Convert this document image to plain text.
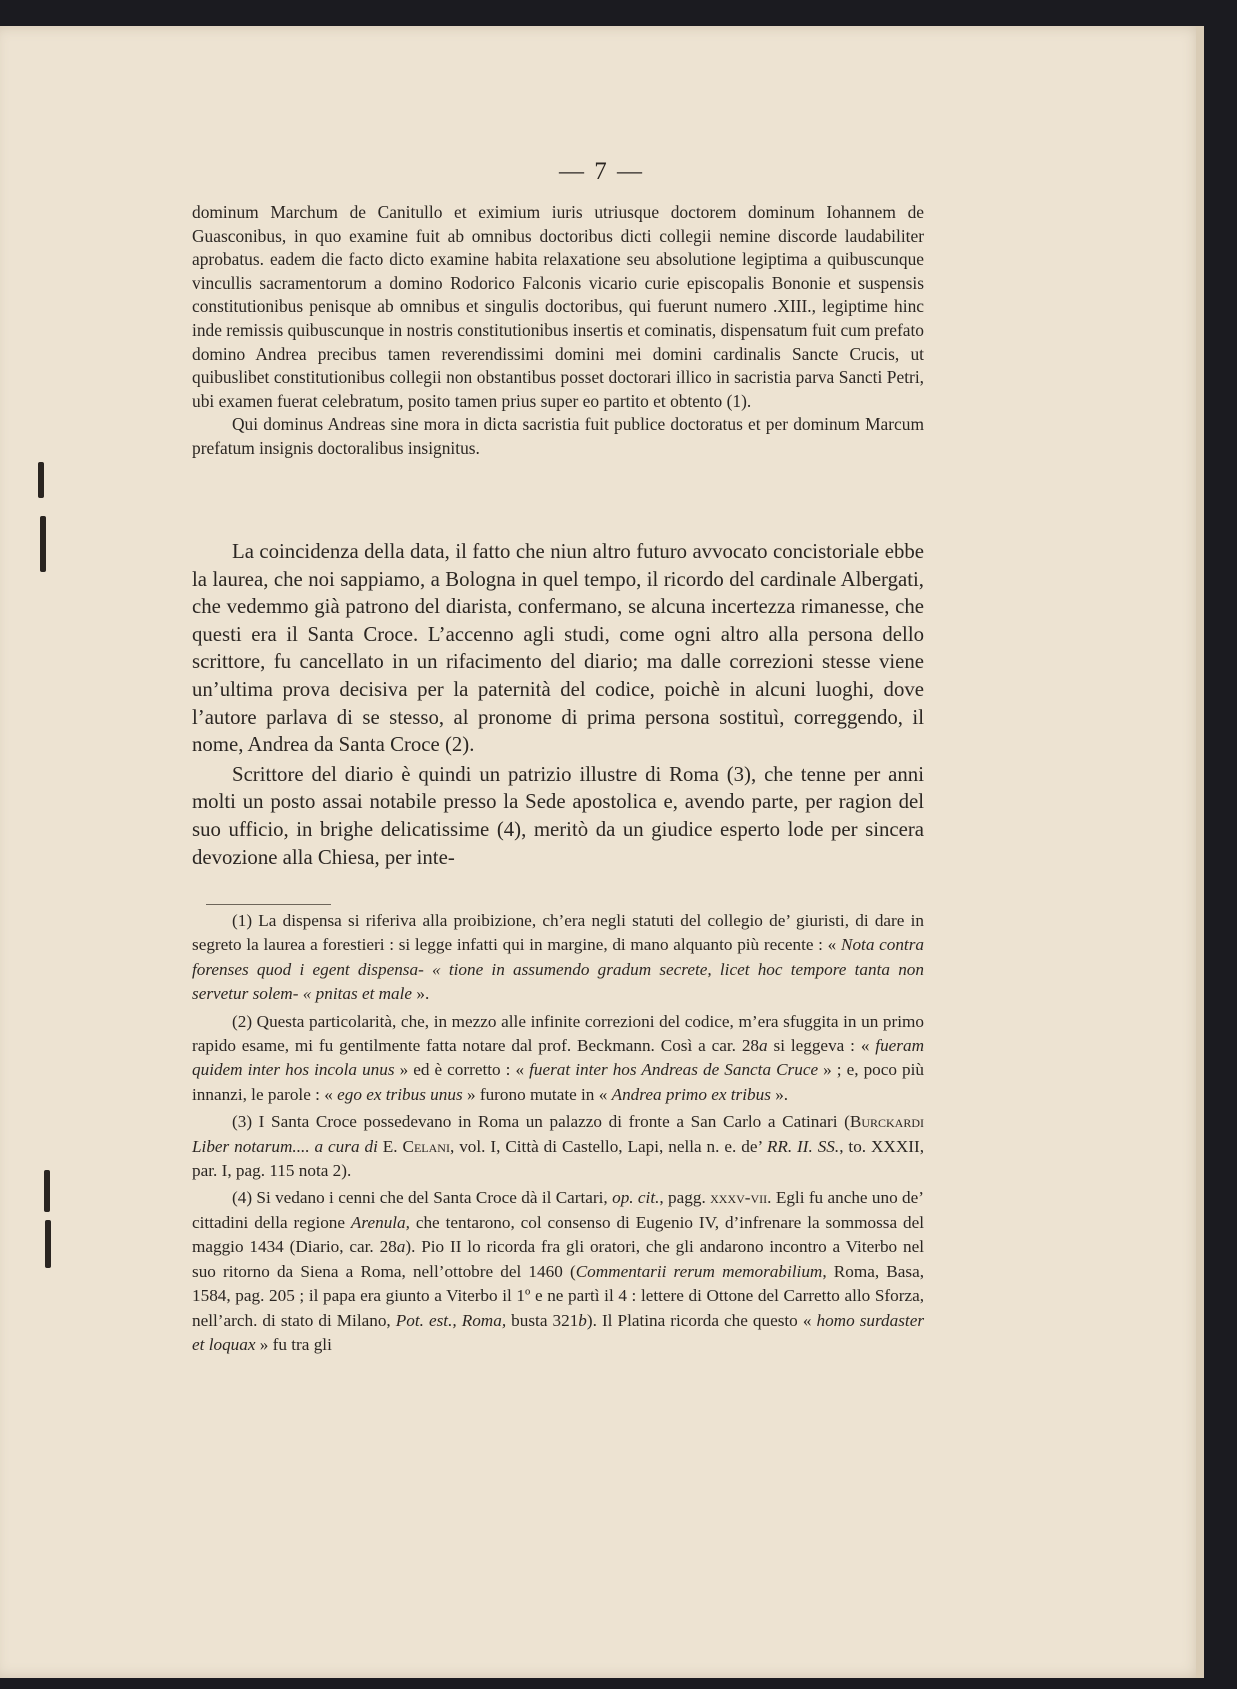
— 7 —

dominum Marchum de Canitullo et eximium iuris utriusque doctorem dominum Iohannem de Guasconibus, in quo examine fuit ab omnibus doctoribus dicti collegii nemine discorde laudabiliter aprobatus. eadem die facto dicto examine habita relaxatione seu absolutione legiptima a quibuscunque vincullis sacramentorum a domino Rodorico Falconis vicario curie episcopalis Bononie et suspensis constitutionibus penisque ab omnibus et singulis doctoribus, qui fuerunt numero .XIII., legiptime hinc inde remissis quibuscunque in nostris constitutionibus insertis et cominatis, dispensatum fuit cum prefato domino Andrea precibus tamen reverendissimi domini mei domini cardinalis Sancte Crucis, ut quibuslibet constitutionibus collegii non obstantibus posset doctorari illico in sacristia parva Sancti Petri, ubi examen fuerat celebratum, posito tamen prius super eo partito et obtento (1).

Qui dominus Andreas sine mora in dicta sacristia fuit publice doctoratus et per dominum Marcum prefatum insignis doctoralibus insignitus.

La coincidenza della data, il fatto che niun altro futuro avvocato concistoriale ebbe la laurea, che noi sappiamo, a Bologna in quel tempo, il ricordo del cardinale Albergati, che vedemmo già patrono del diarista, confermano, se alcuna incertezza rimanesse, che questi era il Santa Croce. L’accenno agli studi, come ogni altro alla persona dello scrittore, fu cancellato in un rifacimento del diario; ma dalle correzioni stesse viene un’ultima prova decisiva per la paternità del codice, poichè in alcuni luoghi, dove l’autore parlava di se stesso, al pronome di prima persona sostituì, correggendo, il nome, Andrea da Santa Croce (2).

Scrittore del diario è quindi un patrizio illustre di Roma (3), che tenne per anni molti un posto assai notabile presso la Sede apostolica e, avendo parte, per ragion del suo ufficio, in brighe delicatissime (4), meritò da un giudice esperto lode per sincera devozione alla Chiesa, per inte-

(1) La dispensa si riferiva alla proibizione, ch’era negli statuti del collegio de’ giuristi, di dare in segreto la laurea a forestieri : si legge infatti qui in margine, di mano alquanto più recente : « Nota contra forenses quod i egent dispensa- « tione in assumendo gradum secrete, licet hoc tempore tanta non servetur solem- « pnitas et male ».

(2) Questa particolarità, che, in mezzo alle infinite correzioni del codice, m’era sfuggita in un primo rapido esame, mi fu gentilmente fatta notare dal prof. Beckmann. Così a car. 28a si leggeva : « fueram quidem inter hos incola unus » ed è corretto : « fuerat inter hos Andreas de Sancta Cruce » ; e, poco più innanzi, le parole : « ego ex tribus unus » furono mutate in « Andrea primo ex tribus ».

(3) I Santa Croce possedevano in Roma un palazzo di fronte a San Carlo a Catinari (Burckardi Liber notarum.... a cura di E. Celani, vol. I, Città di Castello, Lapi, nella n. e. de’ RR. II. SS., to. XXXII, par. I, pag. 115 nota 2).

(4) Si vedano i cenni che del Santa Croce dà il Cartari, op. cit., pagg. xxxv-vii. Egli fu anche uno de’ cittadini della regione Arenula, che tentarono, col consenso di Eugenio IV, d’infrenare la sommossa del maggio 1434 (Diario, car. 28a). Pio II lo ricorda fra gli oratori, che gli andarono incontro a Viterbo nel suo ritorno da Siena a Roma, nell’ottobre del 1460 (Commentarii rerum memorabilium, Roma, Basa, 1584, pag. 205 ; il papa era giunto a Viterbo il 1º e ne partì il 4 : lettere di Ottone del Carretto allo Sforza, nell’arch. di stato di Milano, Pot. est., Roma, busta 321b). Il Platina ricorda che questo « homo surdaster et loquax » fu tra gli
